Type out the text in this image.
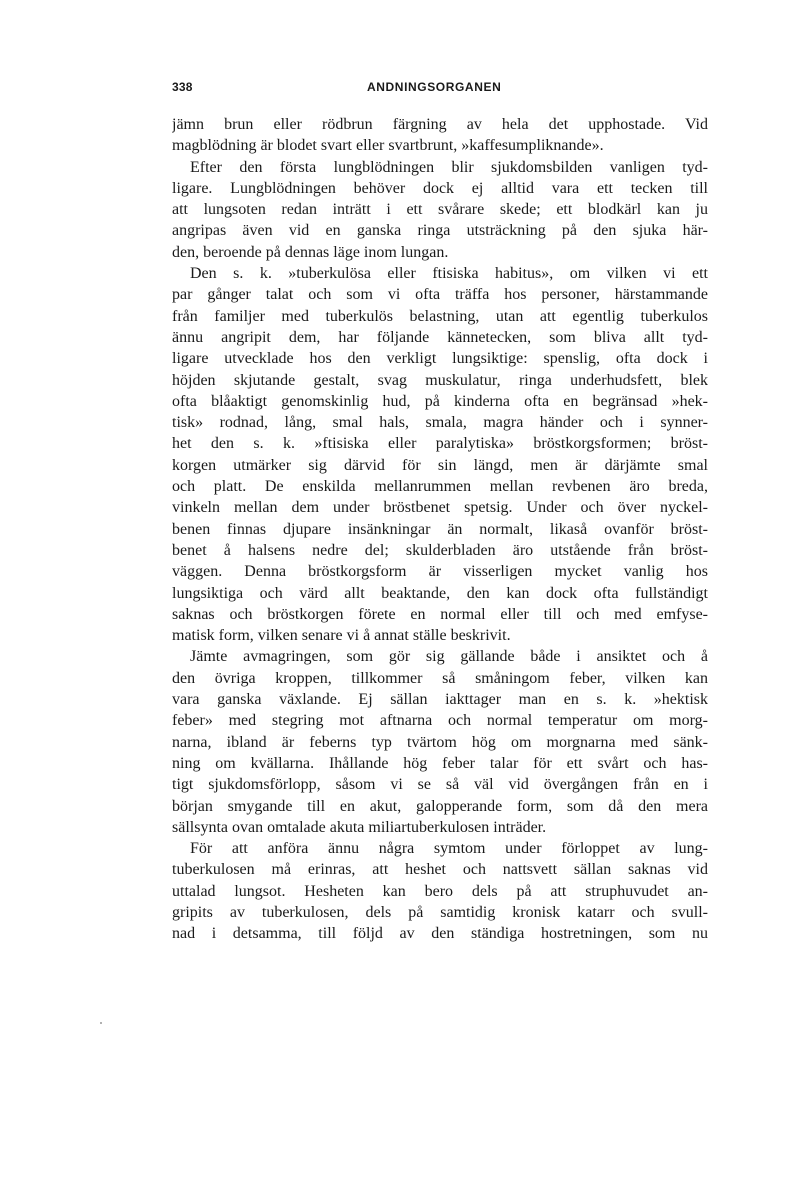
338	ANDNINGSORGANEN
jämn brun eller rödbrun färgning av hela det upphostade. Vid
magblödning är blodet svart eller svartbrunt, »kaffesumpliknande».
Efter den första lungblödningen blir sjukdomsbilden vanligen tyd-
ligare. Lungblödningen behöver dock ej alltid vara ett tecken till
att lungsoten redan inträtt i ett svårare skede; ett blodkärl kan ju
angripas även vid en ganska ringa utsträckning på den sjuka här-
den, beroende på dennas läge inom lungan.
Den s. k. »tuberkulösa eller ftisiska habitus», om vilken vi ett
par gånger talat och som vi ofta träffa hos personer, härstammande
från familjer med tuberkulös belastning, utan att egentlig tuberkulos
ännu angripit dem, har följande kännetecken, som bliva allt tyd-
ligare utvecklade hos den verkligt lungsiktige: spenslig, ofta dock i
höjden skjutande gestalt, svag muskulatur, ringa underhudsfett, blek
ofta blåaktigt genomskinlig hud, på kinderna ofta en begränsad »hek-
tisk» rodnad, lång, smal hals, smala, magra händer och i synner-
het den s. k. »ftisiska eller paralytiska» bröstkorgsformen; bröst-
korgen utmärker sig därvid för sin längd, men är därjämte smal
och platt. De enskilda mellanrummen mellan revbenen äro breda,
vinkeln mellan dem under bröstbenet spetsig. Under och över nyckel-
benen finnas djupare insänkningar än normalt, likaså ovanför bröst-
benet å halsens nedre del; skulderbladen äro utstående från bröst-
väggen. Denna bröstkorgsform är visserligen mycket vanlig hos
lungsiktiga och värd allt beaktande, den kan dock ofta fullständigt
saknas och bröstkorgen förete en normal eller till och med emfyse-
matisk form, vilken senare vi å annat ställe beskrivit.
Jämte avmagringen, som gör sig gällande både i ansiktet och å
den övriga kroppen, tillkommer så småningom feber, vilken kan
vara ganska växlande. Ej sällan iakttager man en s. k. »hektisk
feber» med stegring mot aftnarna och normal temperatur om morg-
narna, ibland är feberns typ tvärtom hög om morgnarna med sänk-
ning om kvällarna. Ihållande hög feber talar för ett svårt och has-
tigt sjukdomsförlopp, såsom vi se så väl vid övergången från en i
början smygande till en akut, galopperande form, som då den mera
sällsynta ovan omtalade akuta miliartuberkulosen inträder.
För att anföra ännu några symtom under förloppet av lung-
tuberkulosen må erinras, att heshet och nattsvett sällan saknas vid
uttalad lungsot. Hesheten kan bero dels på att struphuvudet an-
gripits av tuberkulosen, dels på samtidig kronisk katarr och svull-
nad i detsamma, till följd av den ständiga hostretningen, som nu
